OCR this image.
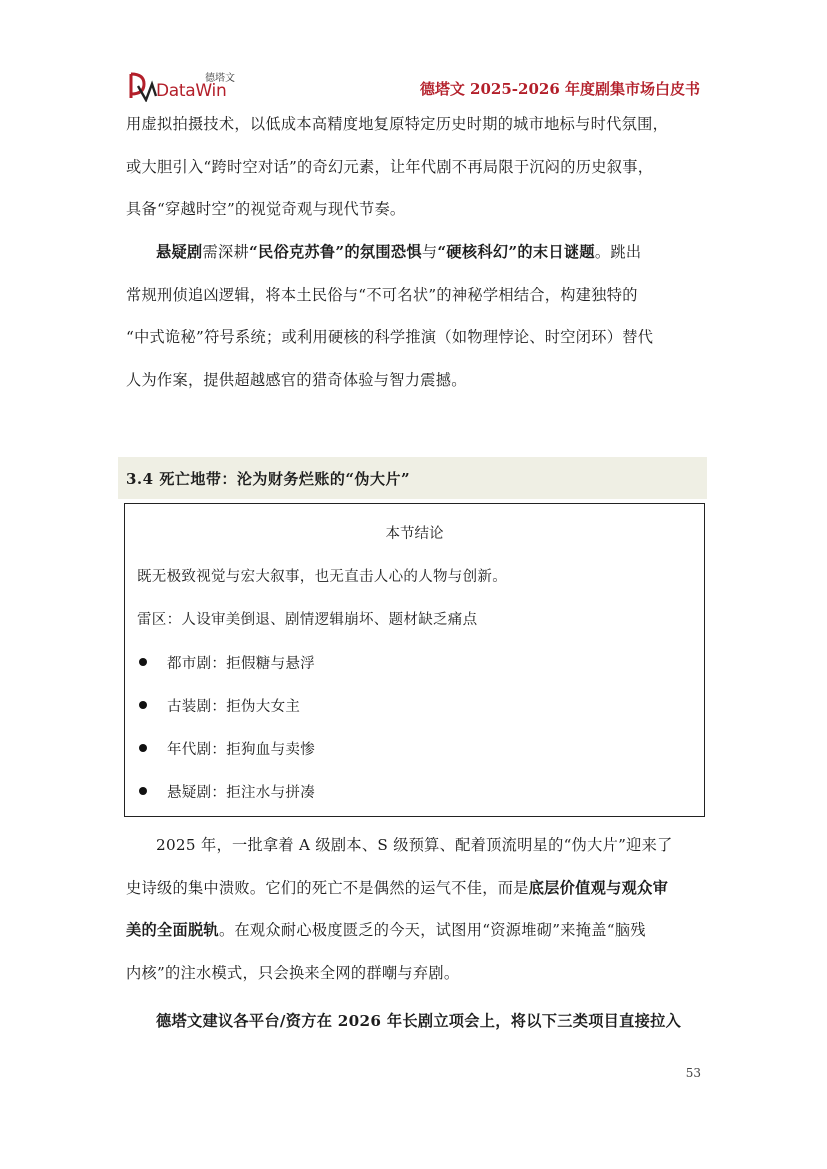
德塔文
DataWin	德塔文 2025-2026 年度剧集市场白皮书

用虚拟拍摄技术，以低成本高精度地复原特定历史时期的城市地标与时代氛围，
或大胆引入“跨时空对话”的奇幻元素，让年代剧不再局限于沉闷的历史叙事，
具备“穿越时空”的视觉奇观与现代节奏。

悬疑剧需深耕“民俗克苏鲁”的氛围恐惧与“硬核科幻”的末日谜题。跳出
常规刑侦追凶逻辑，将本土民俗与“不可名状”的神秘学相结合，构建独特的
“中式诡秘”符号系统；或利用硬核的科学推演（如物理悖论、时空闭环）替代
人为作案，提供超越感官的猎奇体验与智力震撼。

3.4 死亡地带：沦为财务烂账的“伪大片”
本节结论
既无极致视觉与宏大叙事，也无直击人心的人物与创新。
雷区：人设审美倒退、剧情逻辑崩坏、题材缺乏痛点
都市剧：拒假糖与悬浮
古装剧：拒伪大女主
年代剧：拒狗血与卖惨
悬疑剧：拒注水与拼凑

2025 年，一批拿着 A 级剧本、S 级预算、配着顶流明星的“伪大片”迎来了
史诗级的集中溃败。它们的死亡不是偶然的运气不佳，而是底层价值观与观众审
美的全面脱轨。在观众耐心极度匮乏的今天，试图用“资源堆砌”来掩盖“脑残
内核”的注水模式，只会换来全网的群嘲与弃剧。

德塔文建议各平台/资方在 2026 年长剧立项会上，将以下三类项目直接拉入

53
